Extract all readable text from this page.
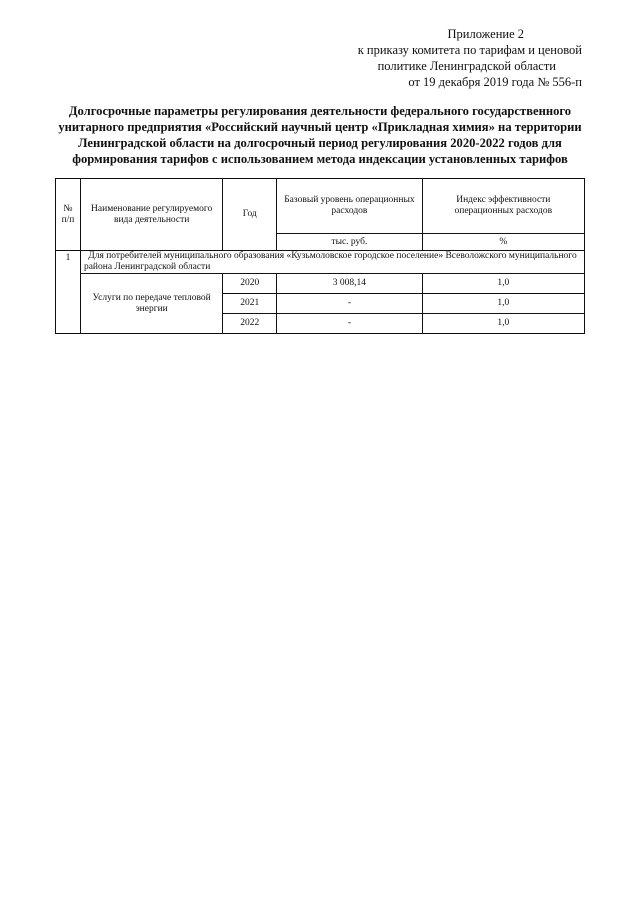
Приложение 2
к приказу комитета по тарифам и ценовой
политике Ленинградской области
от 19 декабря 2019 года № 556-п
Долгосрочные параметры регулирования деятельности федерального государственного унитарного предприятия «Российский научный центр «Прикладная химия» на территории Ленинградской области на долгосрочный период регулирования 2020-2022 годов для формирования тарифов с использованием метода индексации установленных тарифов
№ п/п	Наименование регулируемого вида деятельности	Год	Базовый уровень операционных расходов	Индекс эффективности операционных расходов
			тыс. руб.	%
1	Для потребителей муниципального образования «Кузьмоловское городское поселение» Всеволожского муниципального района Ленинградской области			
	Услуги по передаче тепловой энергии	2020	3 008,14	1,0
		2021	-	1,0
		2022	-	1,0
